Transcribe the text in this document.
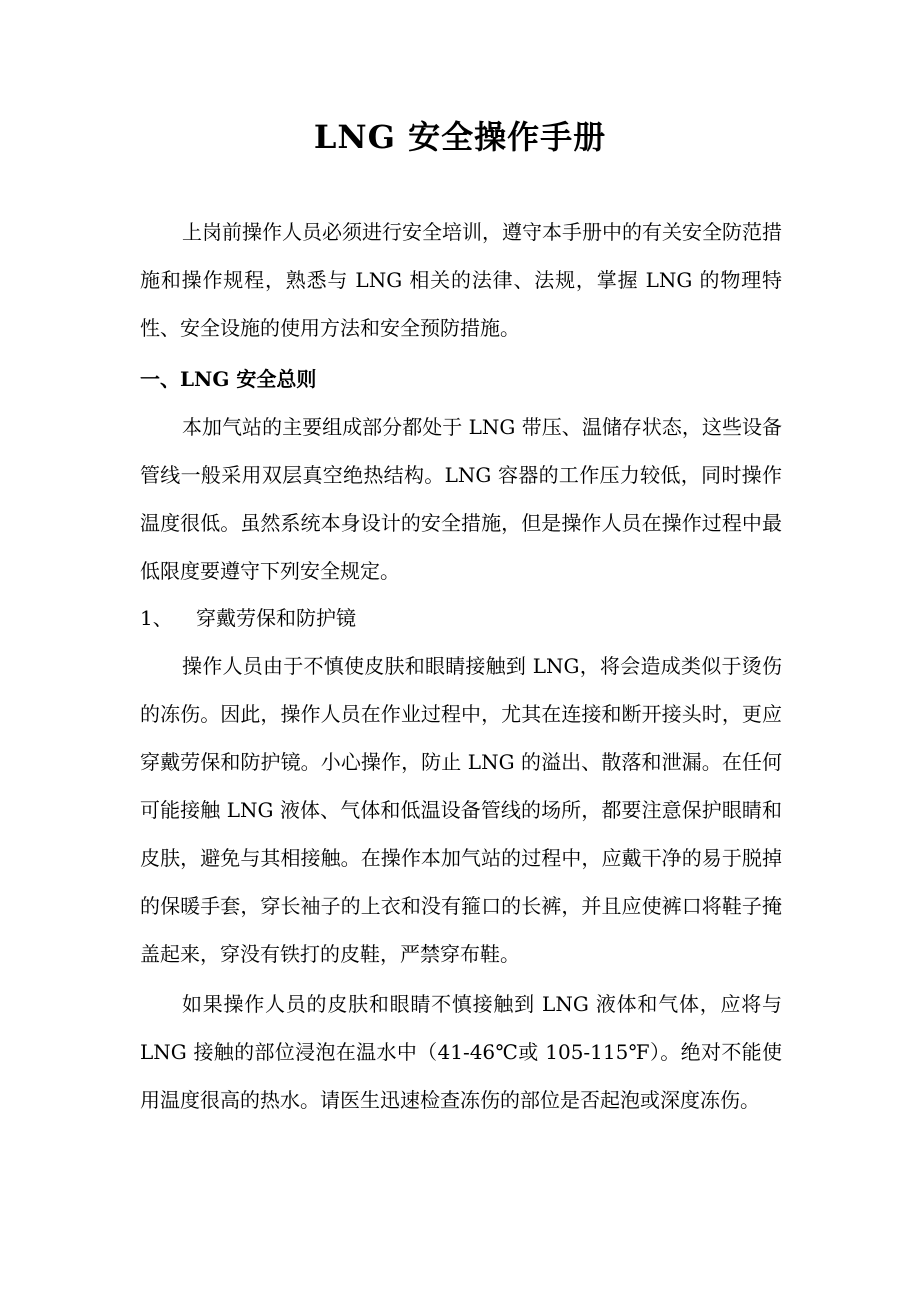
LNG 安全操作手册

上岗前操作人员必须进行安全培训，遵守本手册中的有关安全防范措施和操作规程，熟悉与 LNG 相关的法律、法规，掌握 LNG 的物理特性、安全设施的使用方法和安全预防措施。

一、LNG 安全总则

本加气站的主要组成部分都处于 LNG 带压、温储存状态，这些设备管线一般采用双层真空绝热结构。LNG 容器的工作压力较低，同时操作温度很低。虽然系统本身设计的安全措施，但是操作人员在操作过程中最低限度要遵守下列安全规定。

1、 穿戴劳保和防护镜

操作人员由于不慎使皮肤和眼睛接触到 LNG，将会造成类似于烫伤的冻伤。因此，操作人员在作业过程中，尤其在连接和断开接头时，更应穿戴劳保和防护镜。小心操作，防止 LNG 的溢出、散落和泄漏。在任何可能接触 LNG 液体、气体和低温设备管线的场所，都要注意保护眼睛和皮肤，避免与其相接触。在操作本加气站的过程中，应戴干净的易于脱掉的保暖手套，穿长袖子的上衣和没有箍口的长裤，并且应使裤口将鞋子掩盖起来，穿没有铁打的皮鞋，严禁穿布鞋。

如果操作人员的皮肤和眼睛不慎接触到 LNG 液体和气体，应将与 LNG 接触的部位浸泡在温水中（41-46℃或 105-115℉）。绝对不能使用温度很高的热水。请医生迅速检查冻伤的部位是否起泡或深度冻伤。
